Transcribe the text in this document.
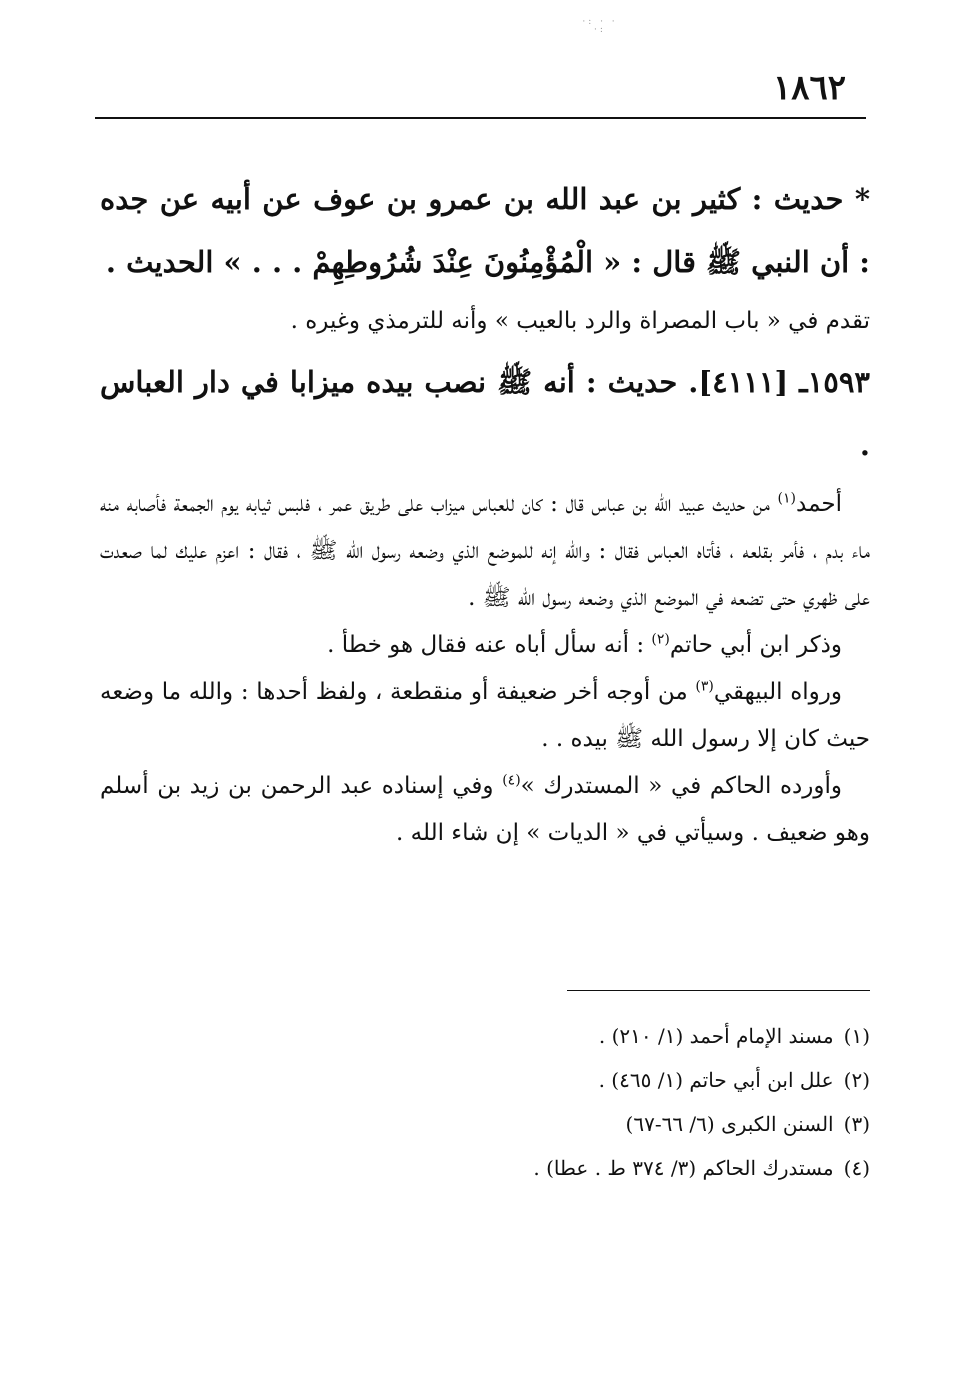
·: · · ·:
١٨٦٢

* حديث : كثير بن عبد الله بن عمرو بن عوف عن أبيه عن جده : أن النبي ﷺ قال : « الْمُؤْمِنُونَ عِنْدَ شُرُوطِهِمْ . . . » الحديث .

تقدم في « باب المصراة والرد بالعيب » وأنه للترمذي وغيره .

١٥٩٣ـ [٤١١١]. حديث : أنه ﷺ نصب بيده ميزابا في دار العباس .

أحمد$^{(١)}$ من حديث عبيد الله بن عباس قال : كان للعباس ميزاب على طريق عمر ، فلبس ثيابه يوم الجمعة فأصابه منه ماء بدم ، فأمر بقلعه ، فأتاه العباس فقال : والله إنه للموضع الذي وضعه رسول الله ﷺ ، فقال : اعزم عليك لما صعدت على ظهري حتى تضعه في الموضع الذي وضعه رسول الله ﷺ .

وذكر ابن أبي حاتم$^{(٢)}$ : أنه سأل أباه عنه فقال هو خطأ .

ورواه البيهقي$^{(٣)}$ من أوجه أخر ضعيفة أو منقطعة ، ولفظ أحدها : والله ما وضعه حيث كان إلا رسول الله ﷺ بيده . .

وأورده الحاكم في « المستدرك »$^{(٤)}$ وفي إسناده عبد الرحمن بن زيد بن أسلم وهو ضعيف . وسيأتي في « الديات » إن شاء الله .

(١)مسند الإمام أحمد (١/ ٢١٠) .

(٢)علل ابن أبي حاتم (١/ ٤٦٥) .

(٣)السنن الكبرى (٦/ ٦٦-٦٧)

(٤)مستدرك الحاكم (٣/ ٣٧٤ ط . عطا) .
